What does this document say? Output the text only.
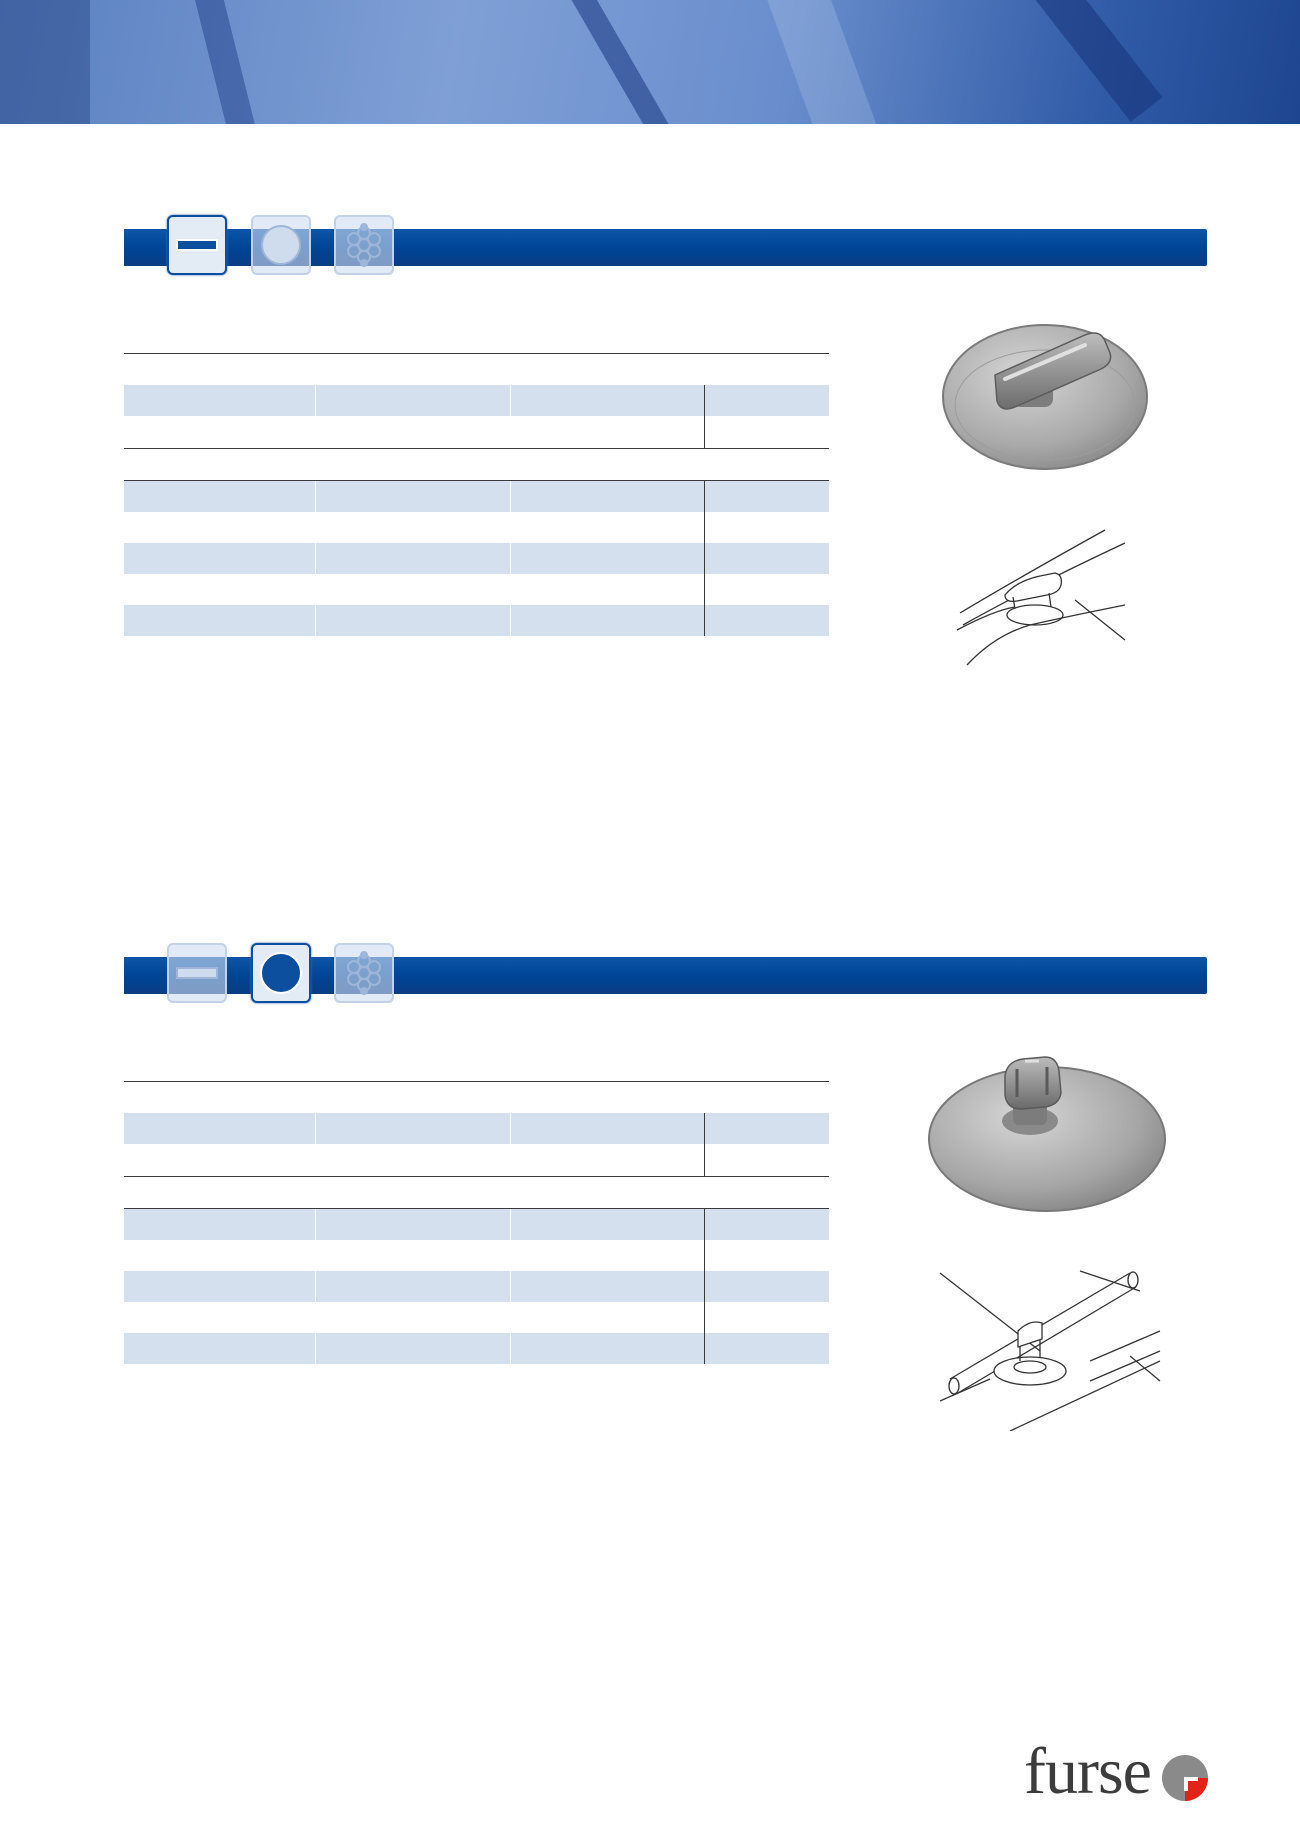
furse
